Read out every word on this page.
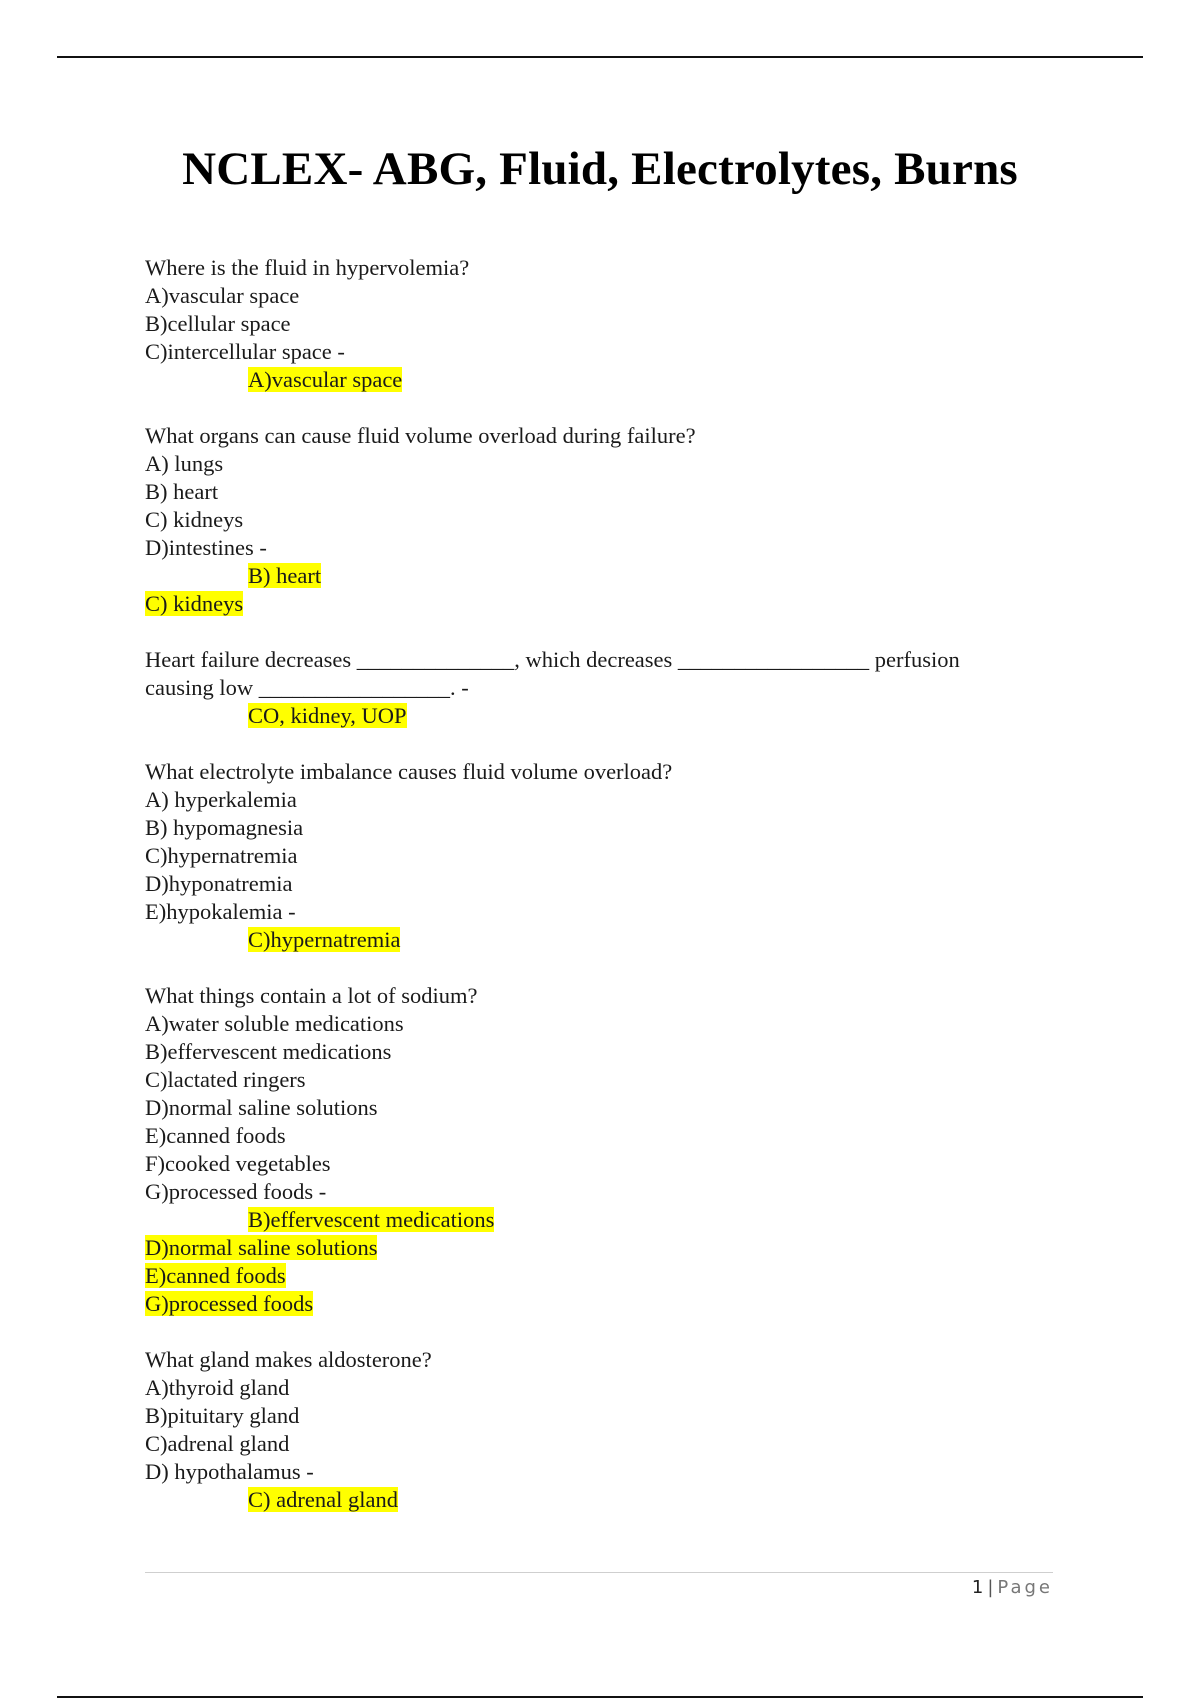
NCLEX- ABG, Fluid, Electrolytes, Burns
Where is the fluid in hypervolemia?
A)vascular space
B)cellular space
C)intercellular space -
A)vascular space
What organs can cause fluid volume overload during failure?
A) lungs
B) heart
C) kidneys
D)intestines -
B) heart
C) kidneys
Heart failure decreases ______________, which decreases _________________ perfusion
causing low _________________. -
CO, kidney, UOP
What electrolyte imbalance causes fluid volume overload?
A) hyperkalemia
B) hypomagnesia
C)hypernatremia
D)hyponatremia
E)hypokalemia -
C)hypernatremia
What things contain a lot of sodium?
A)water soluble medications
B)effervescent medications
C)lactated ringers
D)normal saline solutions
E)canned foods
F)cooked vegetables
G)processed foods -
B)effervescent medications
D)normal saline solutions
E)canned foods
G)processed foods
What gland makes aldosterone?
A)thyroid gland
B)pituitary gland
C)adrenal gland
D) hypothalamus -
C) adrenal gland
1 | Page
